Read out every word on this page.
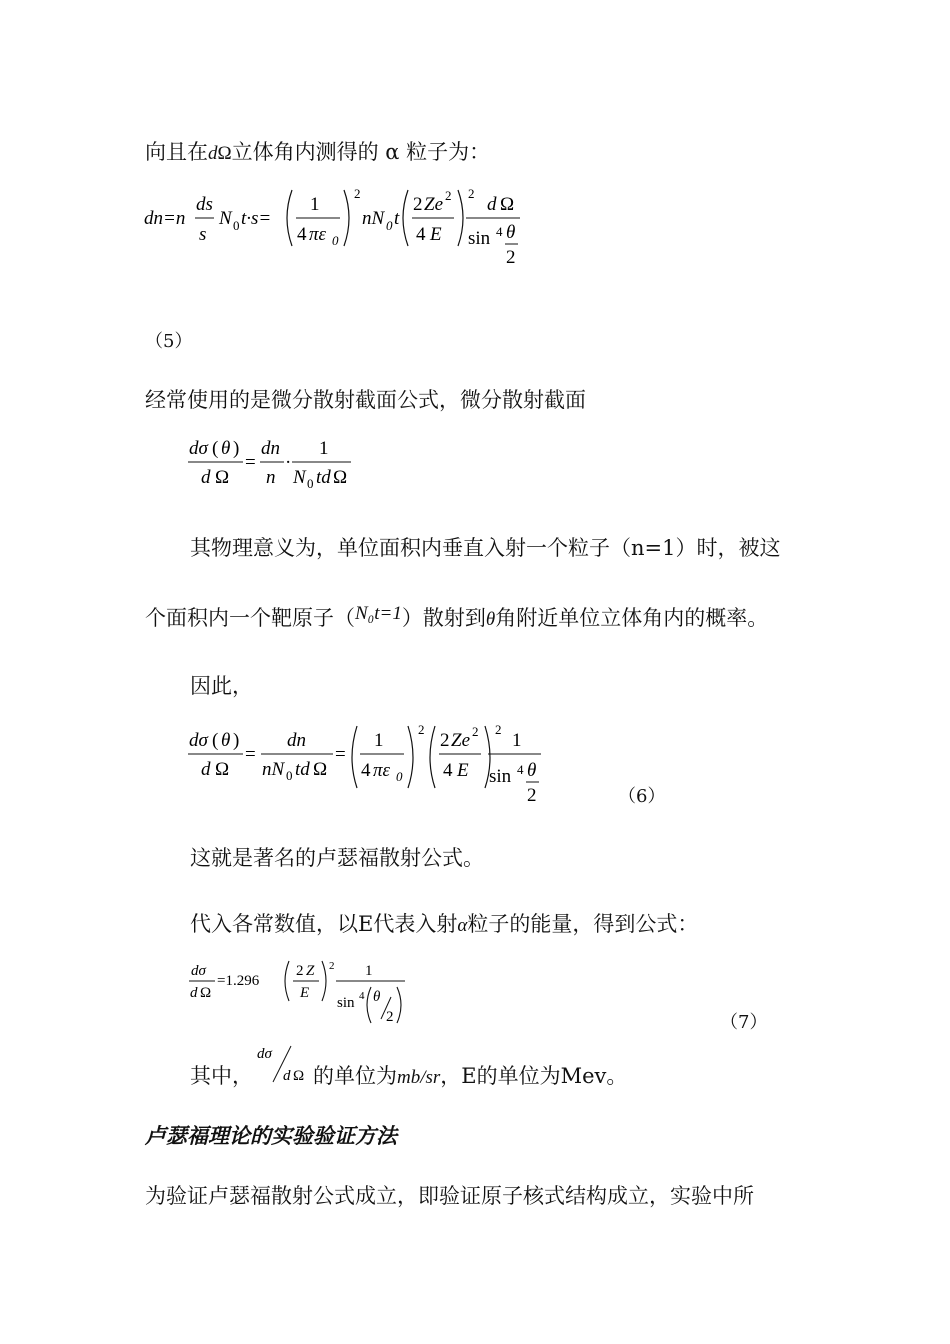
向且在dΩ立体角内测得的 α 粒子为：
dn=n
ds
s
N 0 t·s=
1
4 πε 0
2
nN 0 t
2 Ze 2
4 E
2
d Ω
sin 4 θ
2
（5）
经常使用的是微分散射截面公式，微分散射截面
dσ ( θ )
d Ω
=
dn
n
·
1
N 0 td Ω
其物理意义为，单位面积内垂直入射一个粒子（n=1）时，被这
个面积内一个靶原子（N₀t=1）散射到θ角附近单位立体角内的概率。
因此，
dσ ( θ )
d Ω
=
dn
nN 0 td Ω
=
1
4 πε 0
2
2 Ze 2
4 E
2
1
sin 4 θ
2	（6）
这就是著名的卢瑟福散射公式。
代入各常数值，以E代表入射α粒子的能量，得到公式：
dσ
d Ω
=1.296
2 Z
E
2 1
sin 4 θ
2	（7）
其中，
dσ
d Ω 的单位为mb/sr，E的单位为Mev。
卢瑟福理论的实验验证方法
为验证卢瑟福散射公式成立，即验证原子核式结构成立，实验中所
